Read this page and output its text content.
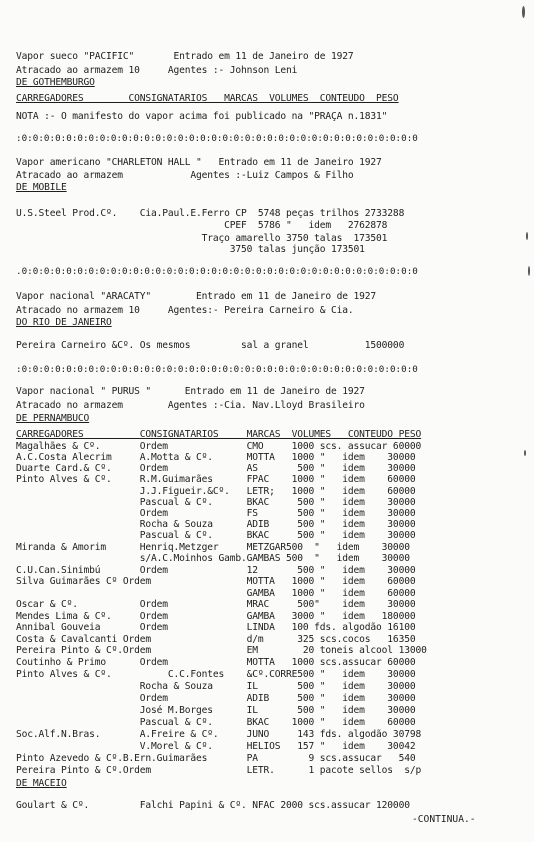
Vapor sueco "PACIFIC"       Entrado em 11 de Janeiro de 1927
Atracado ao armazem 10     Agentes :- Johnson Leni
DE GOTHEMBURGO
CARREGADORES        CONSIGNATARIOS   MARCAS  VOLUMES  CONTEUDO  PESO
NOTA :- O manifesto do vapor acima foi publicado na "PRAÇA n.1831"
:0:0:0:0:0:0:0:0:0:0:0:0:0:0:0:0:0:0:0:0:0:0:0:0:0:0:0:0:0:0:0:0:0:0:0:0
Vapor americano "CHARLETON HALL "   Entrado em 11 de Janeiro 1927
Atracado ao armazem            Agentes :-Luiz Campos & Filho
DE MOBILE
U.S.Steel Prod.Cº.    Cia.Paul.E.Ferro CP  5748 peças trilhos 2733288
CPEF  5786 "   idem   2762878
Traço amarello 3750 talas  173501
3750 talas junção 173501
.0:0:0:0:0:0:0:0:0:0:0:0:0:0:0:0:0:0:0:0:0:0:0:0:0:0:0:0:0:0:0:0:0:0:0:0
Vapor nacional "ARACATY"        Entrado em 11 de Janeiro de 1927
Atracado no armazem 10     Agentes:- Pereira Carneiro & Cia.
DO RIO DE JANEIRO
Pereira Carneiro &Cº. Os mesmos         sal a granel          1500000
:0:0:0:0:0:0:0:0:0:0:0:0:0:0:0:0:0:0:0:0:0:0:0:0:0:0:0:0:0:0:0:0:0:0:0:0
Vapor nacional " PURUS "      Entrado em 11 de Janeiro de 1927
Atracado no armazem        Agentes :-Cia. Nav.Lloyd Brasileiro
DE PERNAMBUCO
CARREGADORES          CONSIGNATARIOS     MARCAS  VOLUMES   CONTEUDO PESO
Magalhães & Cº.       Ordem              CMO     1000 scs. assucar 60000
A.C.Costa Alecrim     A.Motta & Cº.      MOTTA   1000 "   idem    30000
Duarte Card.& Cº.     Ordem              AS       500 "   idem    30000
Pinto Alves & Cº.     R.M.Guimarães      FPAC    1000 "   idem    60000
J.J.Figueir.&Cº.   LETR;   1000 "   idem    60000
Pascual & Cº.      BKAC     500 "   idem    30000
Ordem              FS       500 "   idem    30000
Rocha & Souza      ADIB     500 "   idem    30000
Pascual & Cº.      BKAC     500 "   idem    30000
Miranda & Amorim      Henriq.Metzger     METZGAR500  "   idem    30000
s/A.C.Moinhos Gamb.GAMBAS 500  "   idem    30000
C.U.Can.Sinimbú       Ordem              12       500 "   idem    30000
Silva Guimarães Cº Ordem                 MOTTA   1000 "   idem    60000
GAMBA   1000 "   idem    60000
Oscar & Cº.           Ordem              MRAC     500"    idem    30000
Mendes Lima & Cº.     Ordem              GAMBA   3000 "   idem   180000
Annibal Gouveia       Ordem              LINDA   100 fds. algodão 16100
Costa & Cavalcanti Ordem                 d/m      325 scs.cocos   16350
Pereira Pinto & Cº.Ordem                 EM        20 toneis alcool 13000
Coutinho & Primo      Ordem              MOTTA   1000 scs.assucar 60000
Pinto Alves & Cº.          C.C.Fontes    &Cº.CORRE500 "   idem    30000
Rocha & Souza      IL       500 "   idem    30000
Ordem              ADIB     500 "   idem    30000
José M.Borges      IL       500 "   idem    30000
Pascual & Cº.      BKAC    1000 "   idem    60000
Soc.Alf.N.Bras.       A.Freire & Cº.     JUNO     143 fds. algodão 30798
V.Morel & Cº.      HELIOS   157 "   idem    30042
Pinto Azevedo & Cº.B.Ern.Guimarães       PA         9 scs.assucar   540
Pereira Pinto & Cº.Ordem                 LETR.      1 pacote sellos  s/p
DE MACEIÓ
Goulart & Cº.         Falchi Papini & Cº. NFAC 2000 scs.assucar 120000
-CONTINUA.-
